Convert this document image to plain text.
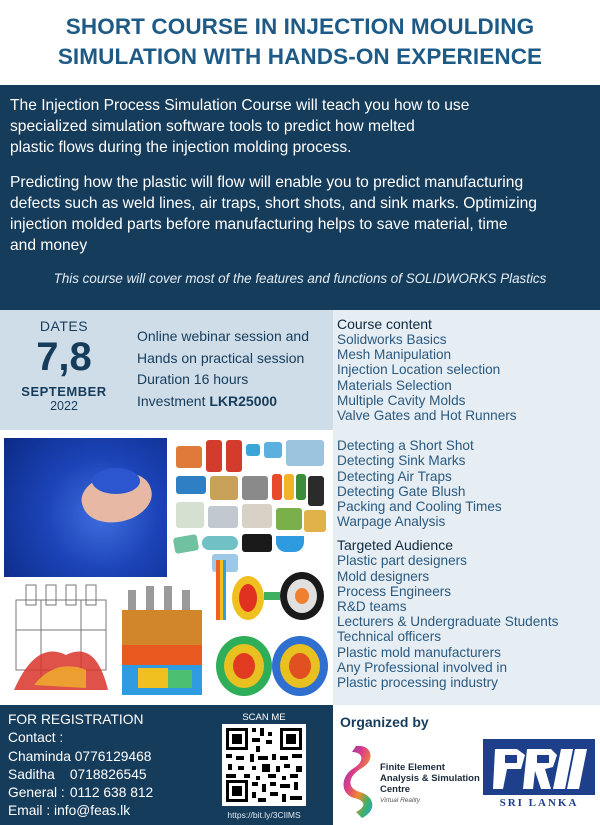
SHORT COURSE IN INJECTION MOULDING
SIMULATION WITH HANDS-ON EXPERIENCE

The Injection Process Simulation Course will teach you how to use
specialized simulation software tools to predict how melted
plastic flows during the injection molding process.

Predicting how the plastic will flow will enable you to predict manufacturing
defects such as weld lines, air traps, short shots, and sink marks. Optimizing
injection molded parts before manufacturing helps to save material, time
and money

This course will cover most of the features and functions of SOLIDWORKS Plastics

DATES
7,8
SEPTEMBER
2022
Online webinar session and
Hands on practical session
Duration 16 hours
Investment LKR25000
Course content
Solidworks Basics
Mesh Manipulation
Injection Location selection
Materials Selection
Multiple Cavity Molds
Valve Gates and Hot Runners
Detecting a Short Shot
Detecting Sink Marks
Detecting Air Traps
Detecting Gate Blush
Packing and Cooling Times
Warpage Analysis
Targeted Audience
Plastic part designers
Mold designers
Process Engineers
R&D teams
Lecturers & Undergraduate Students
Technical officers
Plastic mold manufacturers
Any Professional involved in
Plastic processing industry
FOR REGISTRATION
Contact :
Chaminda 0776129468
Saditha 0718826545
General : 0112 638 812
Email : info@feas.lk
SCAN ME
https://bit.ly/3CIlMS
Organized by
Finite Element
Analysis & Simulation
Centre
Virtual Reality	SRI LANKA
